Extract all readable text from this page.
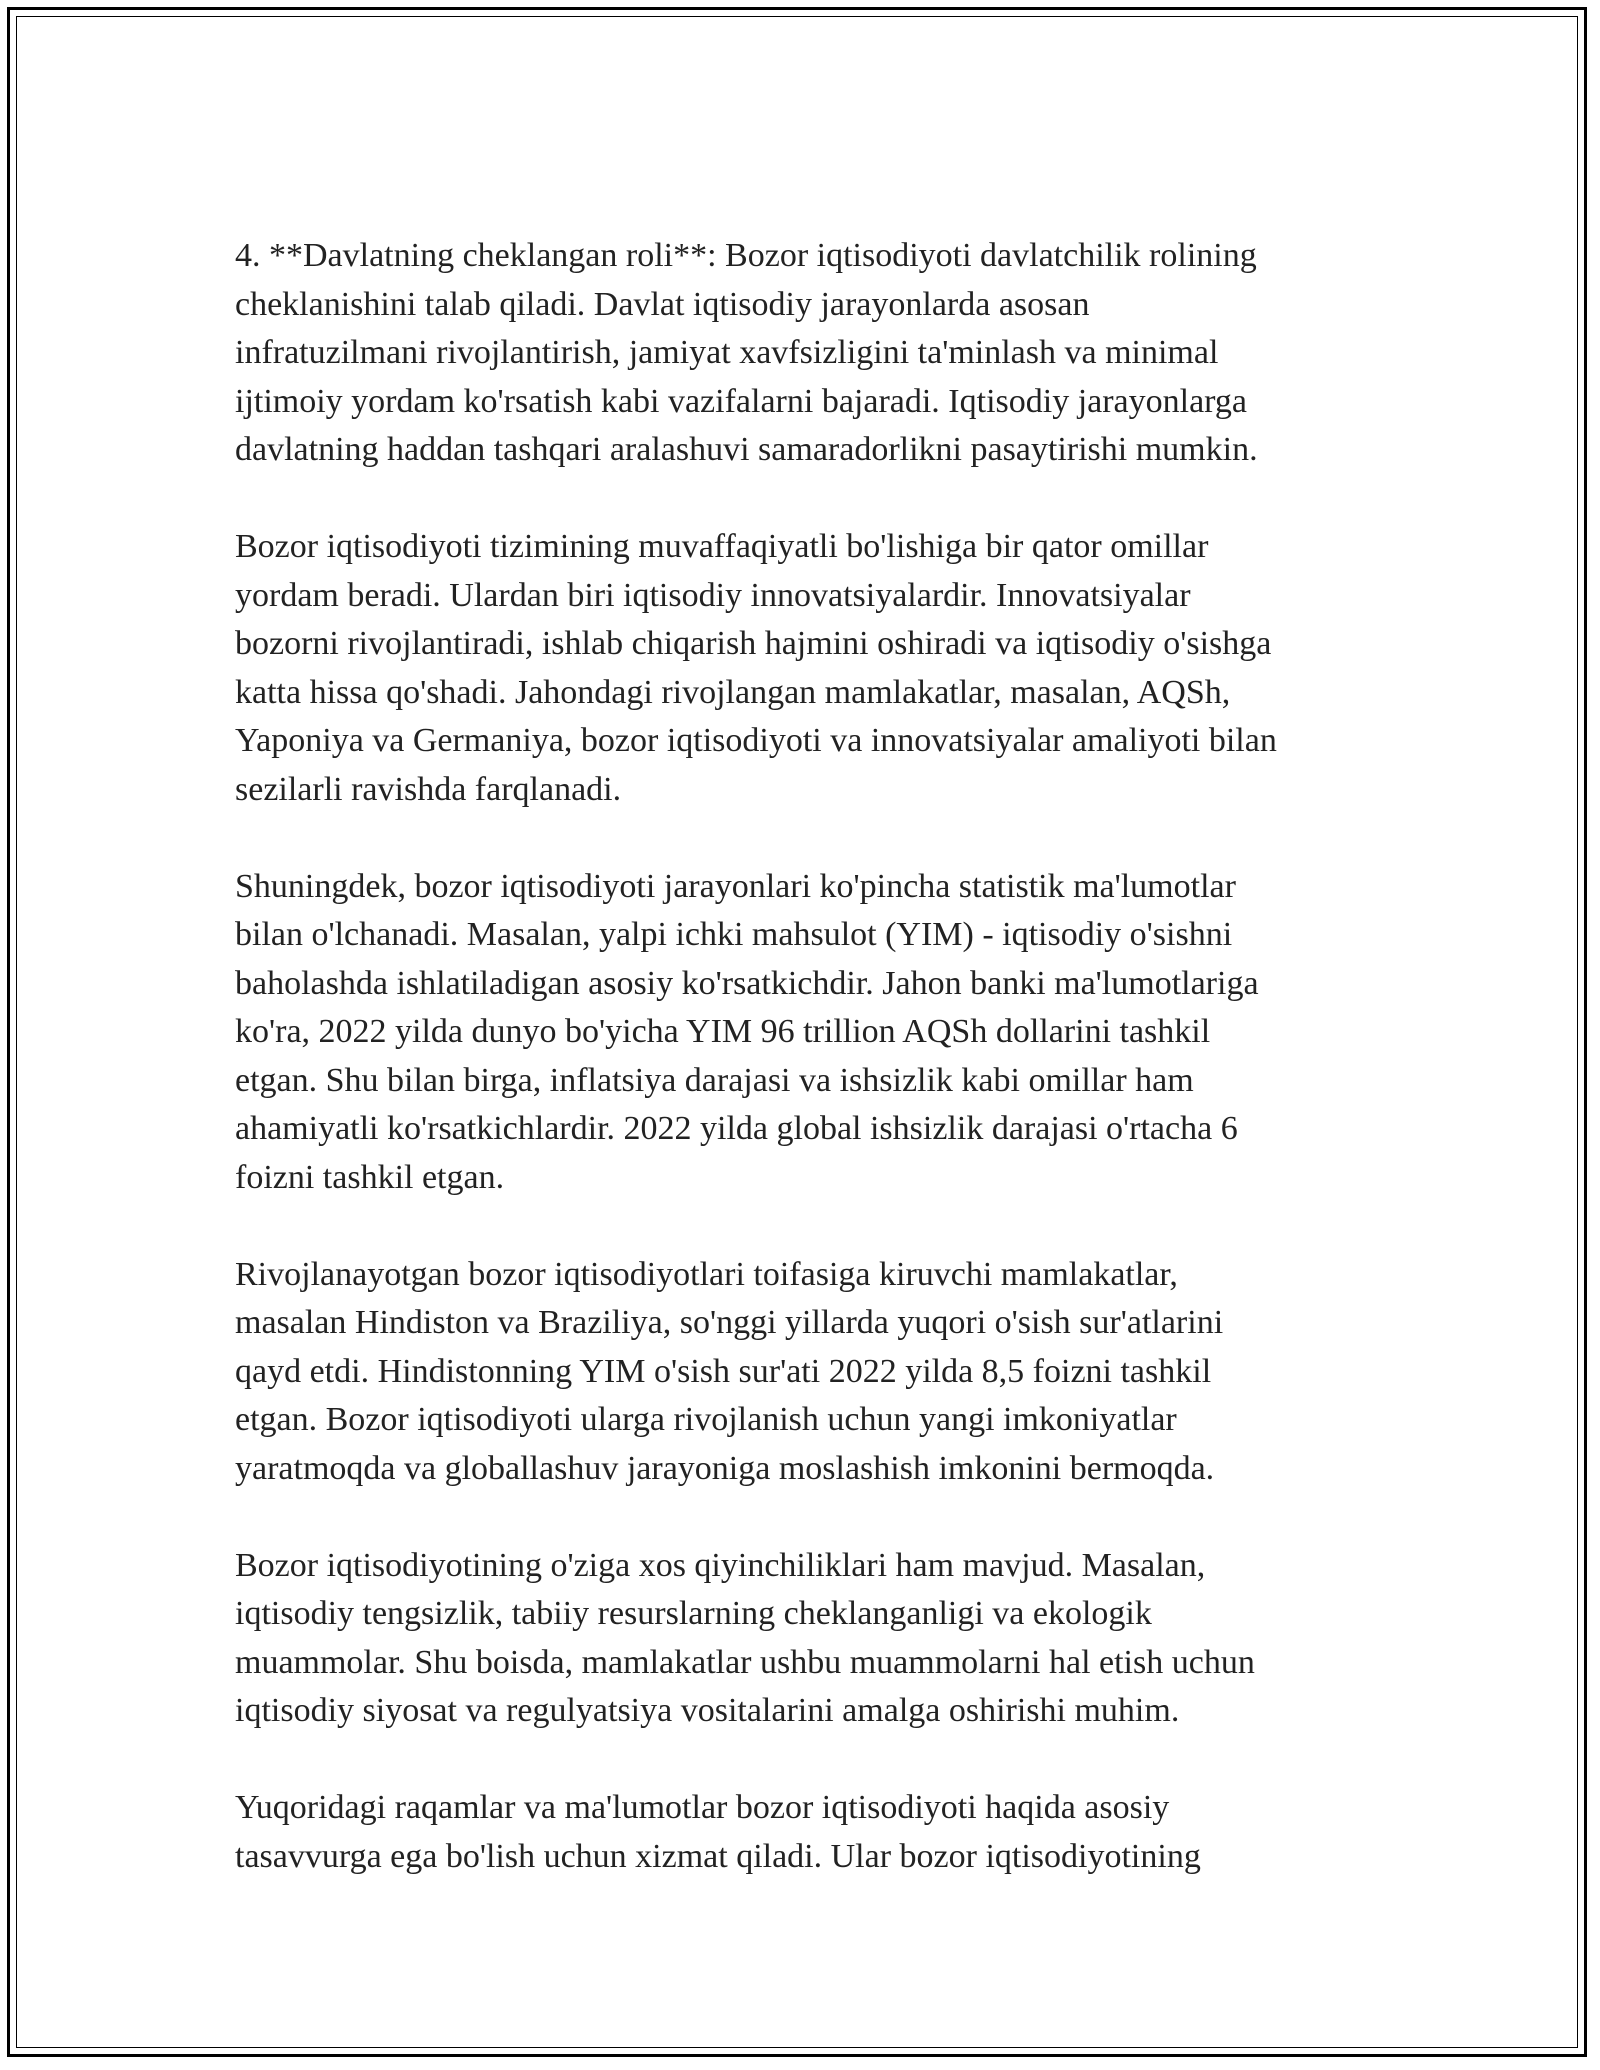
4. **Davlatning cheklangan roli**: Bozor iqtisodiyoti davlatchilik rolining
cheklanishini talab qiladi. Davlat iqtisodiy jarayonlarda asosan
infratuzilmani rivojlantirish, jamiyat xavfsizligini ta'minlash va minimal
ijtimoiy yordam ko'rsatish kabi vazifalarni bajaradi. Iqtisodiy jarayonlarga
davlatning haddan tashqari aralashuvi samaradorlikni pasaytirishi mumkin.

Bozor iqtisodiyoti tizimining muvaffaqiyatli bo'lishiga bir qator omillar
yordam beradi. Ulardan biri iqtisodiy innovatsiyalardir. Innovatsiyalar
bozorni rivojlantiradi, ishlab chiqarish hajmini oshiradi va iqtisodiy o'sishga
katta hissa qo'shadi. Jahondagi rivojlangan mamlakatlar, masalan, AQSh,
Yaponiya va Germaniya, bozor iqtisodiyoti va innovatsiyalar amaliyoti bilan
sezilarli ravishda farqlanadi.

Shuningdek, bozor iqtisodiyoti jarayonlari ko'pincha statistik ma'lumotlar
bilan o'lchanadi. Masalan, yalpi ichki mahsulot (YIM) - iqtisodiy o'sishni
baholashda ishlatiladigan asosiy ko'rsatkichdir. Jahon banki ma'lumotlariga
ko'ra, 2022 yilda dunyo bo'yicha YIM 96 trillion AQSh dollarini tashkil
etgan. Shu bilan birga, inflatsiya darajasi va ishsizlik kabi omillar ham
ahamiyatli ko'rsatkichlardir. 2022 yilda global ishsizlik darajasi o'rtacha 6
foizni tashkil etgan.

Rivojlanayotgan bozor iqtisodiyotlari toifasiga kiruvchi mamlakatlar,
masalan Hindiston va Braziliya, so'nggi yillarda yuqori o'sish sur'atlarini
qayd etdi. Hindistonning YIM o'sish sur'ati 2022 yilda 8,5 foizni tashkil
etgan. Bozor iqtisodiyoti ularga rivojlanish uchun yangi imkoniyatlar
yaratmoqda va globallashuv jarayoniga moslashish imkonini bermoqda.

Bozor iqtisodiyotining o'ziga xos qiyinchiliklari ham mavjud. Masalan,
iqtisodiy tengsizlik, tabiiy resurslarning cheklanganligi va ekologik
muammolar. Shu boisda, mamlakatlar ushbu muammolarni hal etish uchun
iqtisodiy siyosat va regulyatsiya vositalarini amalga oshirishi muhim.

Yuqoridagi raqamlar va ma'lumotlar bozor iqtisodiyoti haqida asosiy
tasavvurga ega bo'lish uchun xizmat qiladi. Ular bozor iqtisodiyotining
